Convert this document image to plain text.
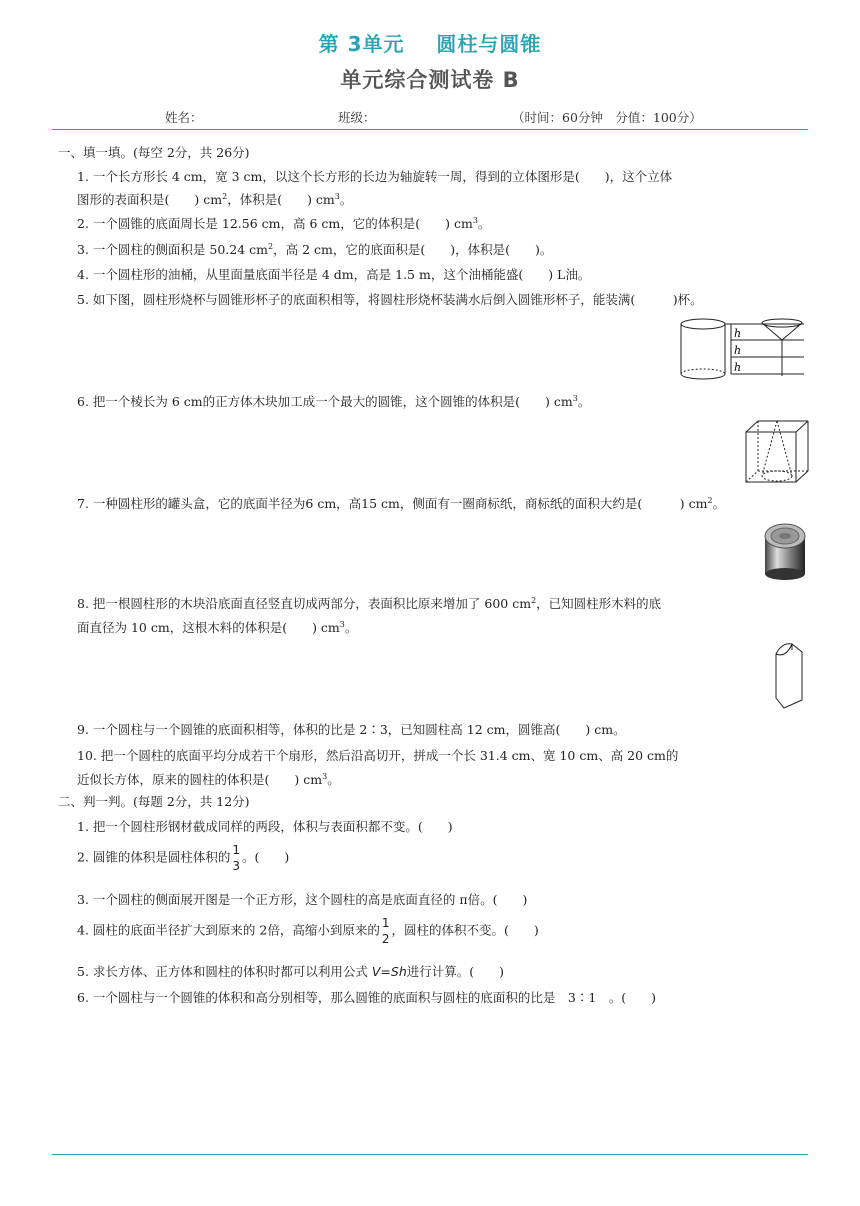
第 3单元    圆柱与圆锥
单元综合测试卷 B
姓名：	班级：	（时间：60分钟　分值：100分）
一、填一填。(每空 2分，共 26分)
1. 一个长方形长 4 cm，宽 3 cm，以这个长方形的长边为轴旋转一周，得到的立体图形是(　　)，这个立体
图形的表面积是(　　) $cm^2$，体积是(　　) $cm^3$。
2. 一个圆锥的底面周长是 12.56 cm，高 6 cm，它的体积是(　　) $cm^3$。
3. 一个圆柱的侧面积是 50.24 $cm^2$，高 2 cm，它的底面积是(　　)，体积是(　　)。
4. 一个圆柱形的油桶，从里面量底面半径是 4 dm，高是 1.5 m，这个油桶能盛(　　) L油。
5. 如下图，圆柱形烧杯与圆锥形杯子的底面积相等，将圆柱形烧杯装满水后倒入圆锥形杯子，能装满(　　　)杯。
h
h
h
6. 把一个棱长为 6 cm的正方体木块加工成一个最大的圆锥，这个圆锥的体积是(　　) $cm^3$。
7. 一种圆柱形的罐头盒，它的底面半径为6 cm，高15 cm，侧面有一圈商标纸，商标纸的面积大约是(　　　) $cm^2$。
8. 把一根圆柱形的木块沿底面直径竖直切成两部分，表面积比原来增加了 600 $cm^2$，已知圆柱形木料的底
面直径为 10 cm，这根木料的体积是(　　) $cm^3$。
9. 一个圆柱与一个圆锥的底面积相等，体积的比是 2∶3，已知圆柱高 12 cm，圆锥高(　　) cm。
10. 把一个圆柱的底面平均分成若干个扇形，然后沿高切开，拼成一个长 31.4 cm、宽 10 cm、高 20 cm的
近似长方体，原来的圆柱的体积是(　　) $cm^3$。
二、判一判。(每题 2分，共 12分)
1. 把一个圆柱形钢材截成同样的两段，体积与表面积都不变。(　　)
2. 圆锥的体积是圆柱体积的 1
3
。(　　)
3. 一个圆柱的侧面展开图是一个正方形，这个圆柱的高是底面直径的 π倍。(　　)
4. 圆柱的底面半径扩大到原来的 2倍，高缩小到原来的 1
2
，圆柱的体积不变。(　　)
5. 求长方体、正方体和圆柱的体积时都可以利用公式 V=Sh进行计算。(　　)
6. 一个圆柱与一个圆锥的体积和高分别相等，那么圆锥的底面积与圆柱的底面积的比是　3∶1　。(　　)
